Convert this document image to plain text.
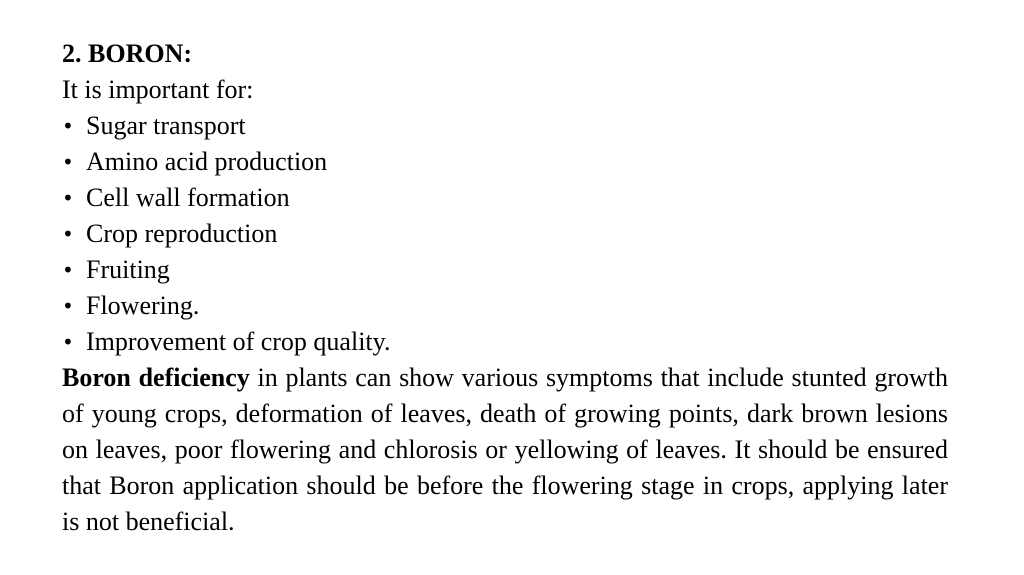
2. BORON:

It is important for:

• Sugar transport
• Amino acid production
• Cell wall formation
• Crop reproduction
• Fruiting
• Flowering.
• Improvement of crop quality.

Boron deficiency in plants can show various symptoms that include stunted growth of young crops, deformation of leaves, death of growing points, dark brown lesions on leaves, poor flowering and chlorosis or yellowing of leaves. It should be ensured that Boron application should be before the flowering stage in crops, applying later is not beneficial.
